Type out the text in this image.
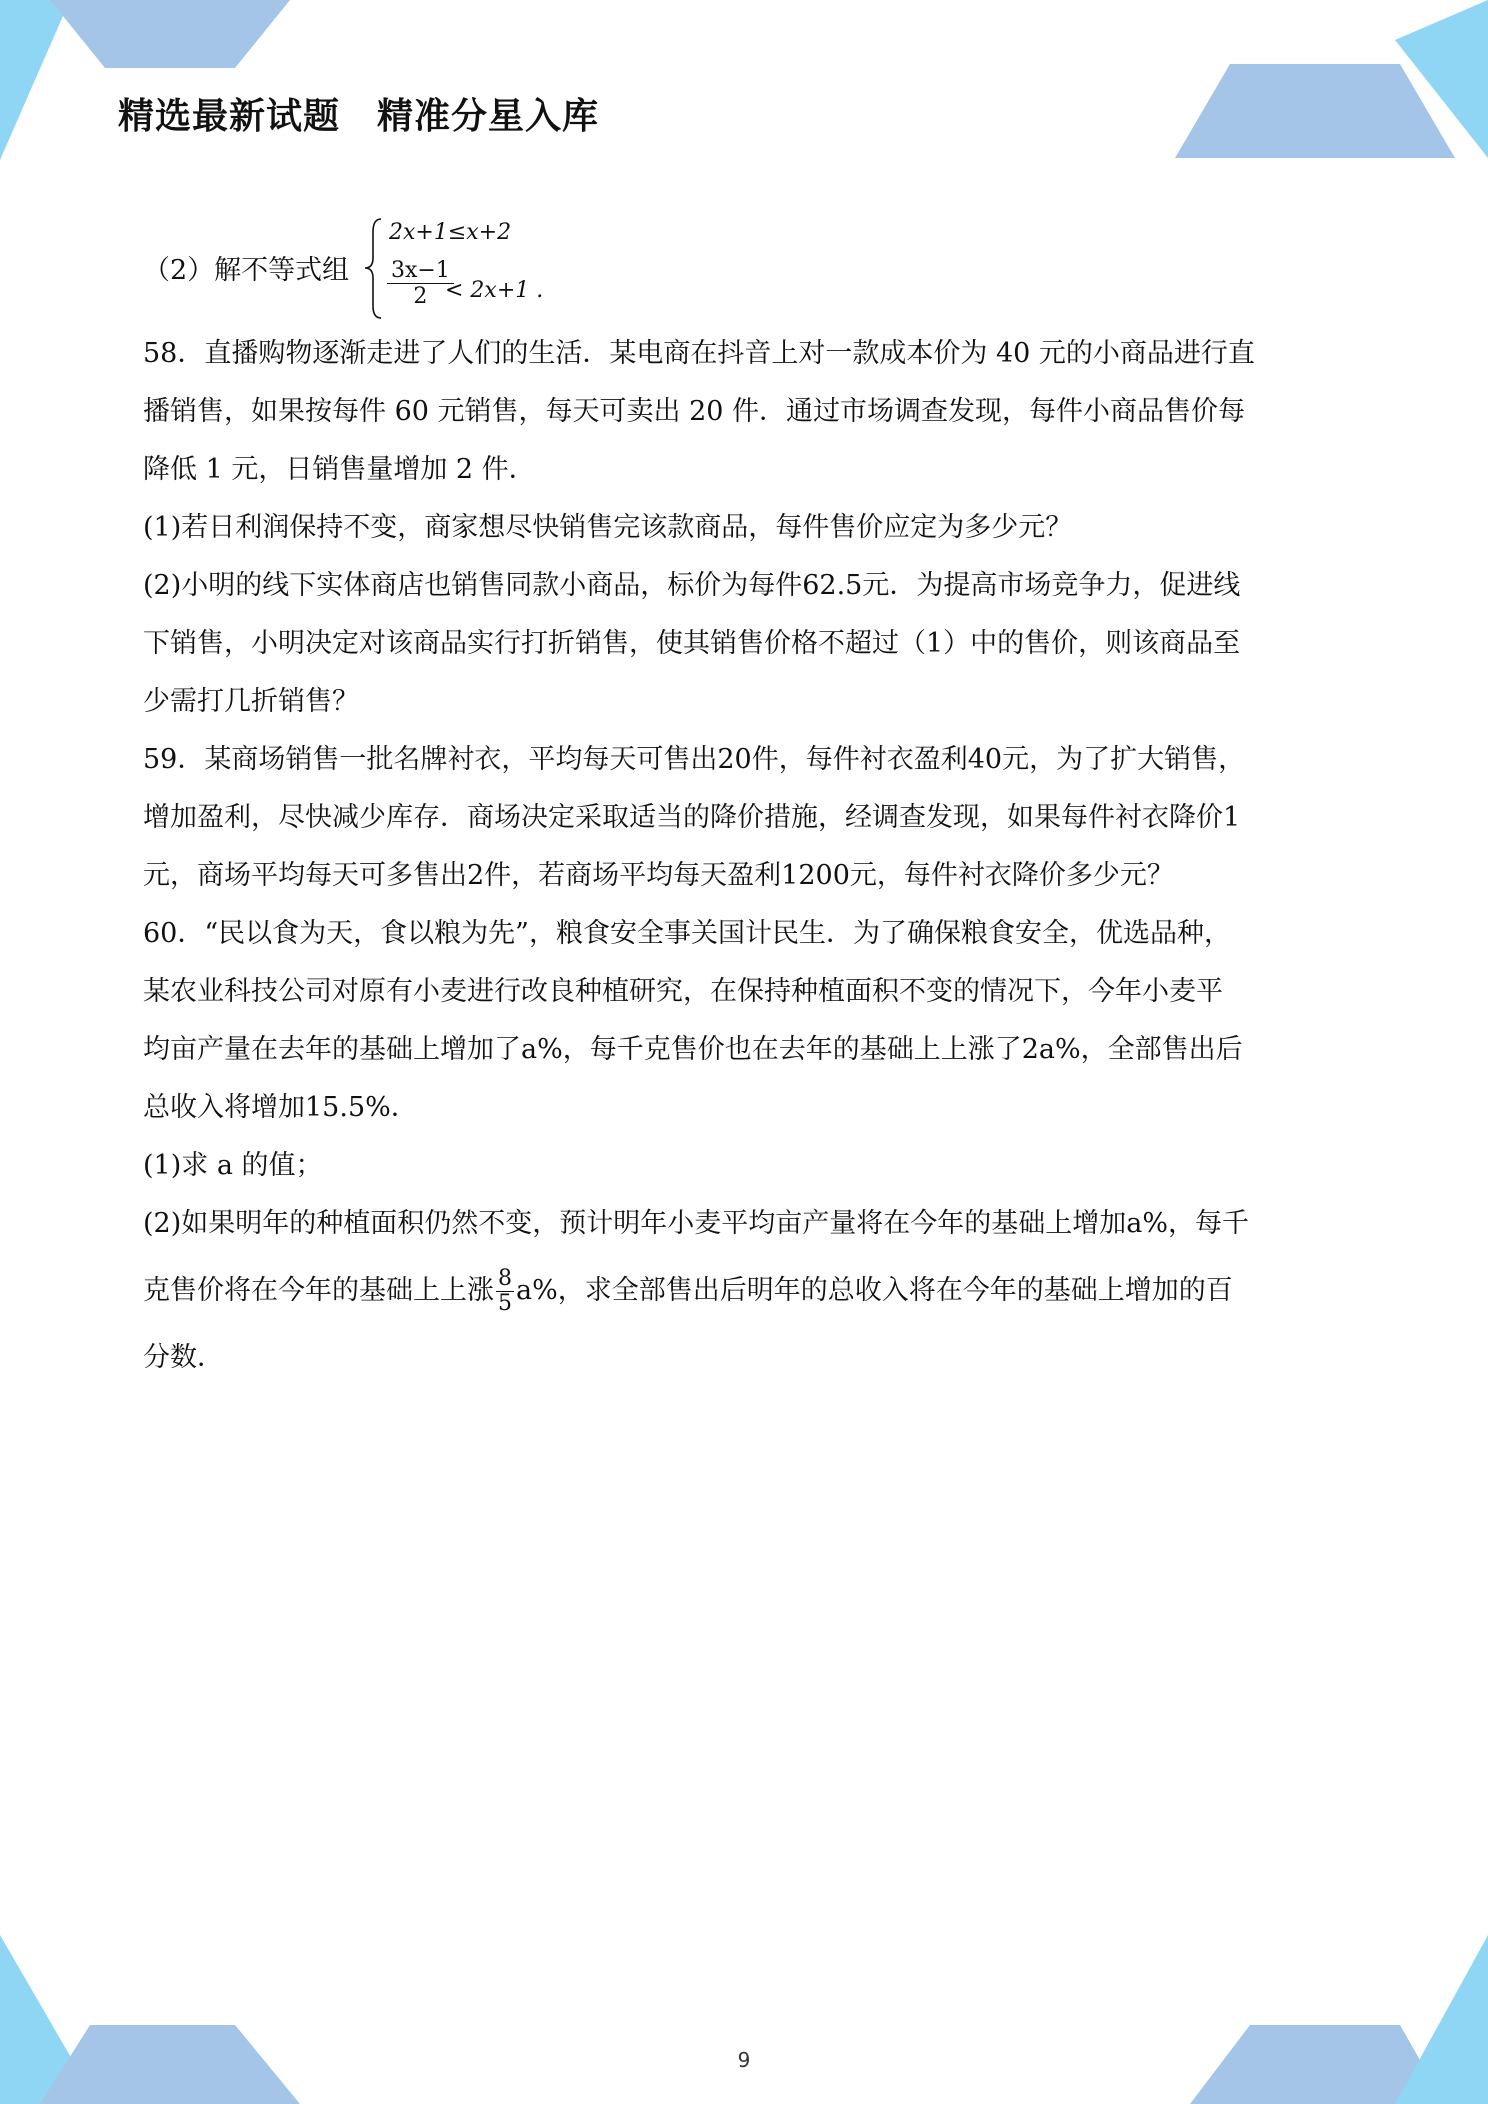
精选最新试题　精准分星入库
（2）解不等式组
2x+1≤x+2
$\frac{3x-1}{2}$
< 2x+1 .
58．直播购物逐渐走进了人们的生活．某电商在抖音上对一款成本价为 40 元的小商品进行直
播销售，如果按每件 60 元销售，每天可卖出 20 件．通过市场调查发现，每件小商品售价每
降低 1 元，日销售量增加 2 件．
(1)若日利润保持不变，商家想尽快销售完该款商品，每件售价应定为多少元？
(2)小明的线下实体商店也销售同款小商品，标价为每件62.5元．为提高市场竞争力，促进线
下销售，小明决定对该商品实行打折销售，使其销售价格不超过（1）中的售价，则该商品至
少需打几折销售？
59．某商场销售一批名牌衬衣，平均每天可售出20件，每件衬衣盈利40元，为了扩大销售，
增加盈利，尽快减少库存．商场决定采取适当的降价措施，经调查发现，如果每件衬衣降价1
元，商场平均每天可多售出2件，若商场平均每天盈利1200元，每件衬衣降价多少元？
60．“民以食为天，食以粮为先”，粮食安全事关国计民生．为了确保粮食安全，优选品种，
某农业科技公司对原有小麦进行改良种植研究，在保持种植面积不变的情况下，今年小麦平
均亩产量在去年的基础上增加了a%，每千克售价也在去年的基础上上涨了2a%，全部售出后
总收入将增加15.5%．
(1)求 a 的值；
(2)如果明年的种植面积仍然不变，预计明年小麦平均亩产量将在今年的基础上增加a%，每千
克售价将在今年的基础上上涨 $\frac{8}{5} a\%$，求全部售出后明年的总收入将在今年的基础上增加的百
分数．
9
